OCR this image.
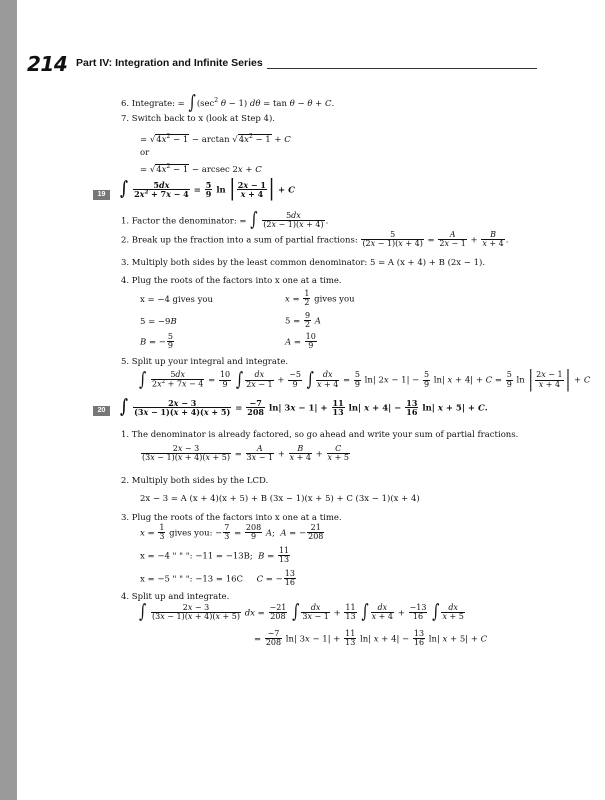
214 Part IV: Integration and Infinite Series
6. Integrate: = $\int(\sec^2$ θ − 1) dθ = tan θ − θ + C.
7. Switch back to x (look at Step 4).
= $√4x^2 - 1 - \arctan √4x^2 - 1 + C$
or
= $√4x^2 - 1 - arcsec$ 2x + C
19	∫ $\frac{5dx}{2x^2 + 7x - 4} = \frac{5}{9}$ ln | $\frac{2x - 1}{x + 4}$ | + C
1. Factor the denominator: = ∫ $\frac{5dx}{(2x - 1)(x + 4)}$ .
2. Break up the fraction into a sum of partial fractions: $\frac{5}{(2x - 1)(x + 4)} = \frac{A}{2x - 1} + \frac{B}{x + 4}$ .
3. Multiply both sides by the least common denominator: 5 = A (x + 4) + B (2x − 1).
4. Plug the roots of the factors into x one at a time.
x = −4 gives you	$x = \frac{1}{2}$ gives you
5 = −9B	$5 = \frac{9}{2}$ A
B = − $\frac{5}{9}$	$A = \frac{10}{9}$
5. Split up your integral and integrate.
∫ $\frac{5dx}{2x^2 + 7x - 4} = \frac{10}{9}$ ∫ $\frac{dx}{2x - 1} + \frac{-5}{9}$ ∫ $\frac{dx}{x + 4} = \frac{5}{9} \ln|$ $2x - 1| - \frac{5}{9} \ln|$ $x + 4| + C = \frac{5}{9}$ ln | $\frac{2x - 1}{x + 4}$ | + C
20	∫ $\frac{2x - 3}{(3x - 1)(x + 4)(x + 5)} = \frac{-7}{208} \ln|$ $3x - 1| + \frac{11}{13} \ln|$ $x + 4| - \frac{13}{16} \ln|$ x + 5| + C.
1. The denominator is already factored, so go ahead and write your sum of partial fractions.
$\frac{2x - 3}{(3x - 1)(x + 4)(x + 5)} = \frac{A}{3x - 1} + \frac{B}{x + 4} + \frac{C}{x + 5}$
2. Multiply both sides by the LCD.
2x − 3 = A (x + 4)(x + 5) + B (3x − 1)(x + 5) + C (3x − 1)(x + 4)
3. Plug the roots of the factors into x one at a time.
$x = \frac{1}{3}$ gives you: − $\frac{7}{3} = \frac{208}{9} A$;  A = − $\frac{21}{208}$
x = −4 " " ": −11 = −13B; $B = \frac{11}{13}$
x = −5 " " ": −13 = 16C C = − $\frac{13}{16}$
4. Split up and integrate.
∫ $\frac{2x - 3}{(3x - 1)(x + 4)(x + 5)}$ dx = $\frac{-21}{208}$ ∫ $\frac{dx}{3x - 1} + \frac{11}{13}$ ∫ $\frac{dx}{x + 4} + \frac{-13}{16}$ ∫ $\frac{dx}{x + 5}$
= $\frac{-7}{208} \ln|$ $3x - 1| + \frac{11}{13} \ln|$ $x + 4| - \frac{13}{16} \ln|$ x + 5| + C
